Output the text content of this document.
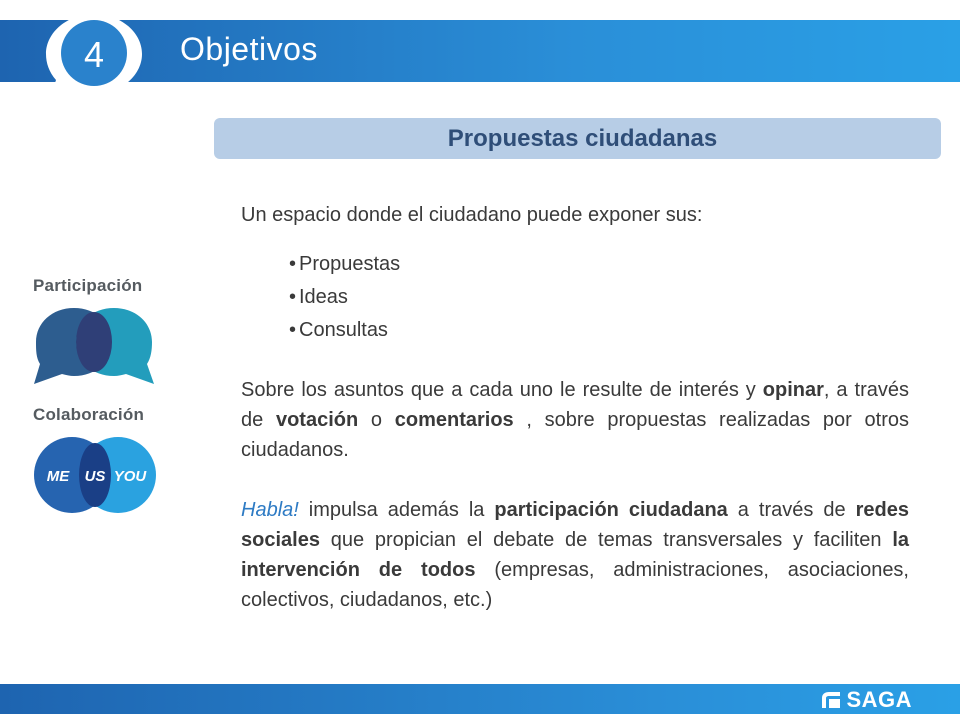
4 Objetivos
Propuestas ciudadanas
Participación
Colaboración
ME US YOU

Un espacio donde el ciudadano puede exponer sus:

• Propuestas
• Ideas
• Consultas

Sobre los asuntos que a cada uno le resulte de interés y opinar, a través de votación o comentarios , sobre propuestas realizadas por otros ciudadanos.

Habla! impulsa además la participación ciudadana a través de redes sociales que propician el debate de temas transversales y faciliten la intervención de todos (empresas, administraciones, asociaciones, colectivos, ciudadanos, etc.)

SAGA
